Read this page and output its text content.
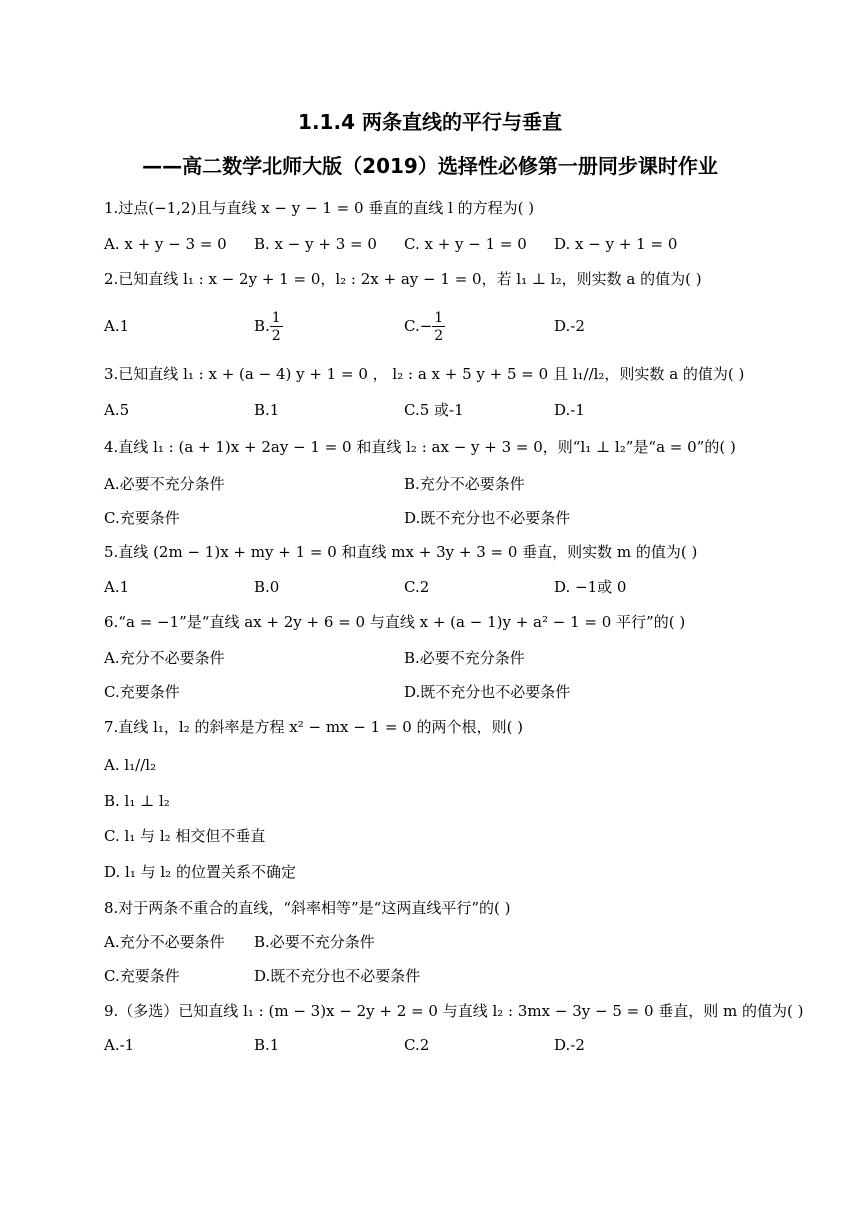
1.1.4 两条直线的平行与垂直
——高二数学北师大版（2019）选择性必修第一册同步课时作业
1.过点(−1,2)且与直线 x − y − 1 = 0 垂直的直线 l 的方程为( )
A. x + y − 3 = 0 B. x − y + 3 = 0 C. x + y − 1 = 0 D. x − y + 1 = 0
2.已知直线 l₁ : x − 2y + 1 = 0，l₂ : 2x + ay − 1 = 0，若 l₁ ⊥ l₂，则实数 a 的值为( )
A.1	B. $\frac{1}{2}$	$C.- \frac{1}{2}$	D.-2
3.已知直线 l₁ : x + (a − 4) y + 1 = 0 ， l₂ : a x + 5 y + 5 = 0 且 l₁//l₂，则实数 a 的值为( )
A.5	B.1	C.5 或-1	D.-1
4.直线 l₁ : (a + 1)x + 2ay − 1 = 0 和直线 l₂ : ax − y + 3 = 0，则“l₁ ⊥ l₂”是“a = 0”的( )
A.必要不充分条件	B.充分不必要条件
C.充要条件	D.既不充分也不必要条件
5.直线 (2m − 1)x + my + 1 = 0 和直线 mx + 3y + 3 = 0 垂直，则实数 m 的值为( )
A.1	B.0	C.2	D. −1或 0
6.“a = −1”是“直线 ax + 2y + 6 = 0 与直线 x + (a − 1)y + a² − 1 = 0 平行”的( )
A.充分不必要条件	B.必要不充分条件
C.充要条件	D.既不充分也不必要条件
7.直线 l₁，l₂ 的斜率是方程 x² − mx − 1 = 0 的两个根，则( )
A. l₁//l₂
B. l₁ ⊥ l₂
C. l₁ 与 l₂ 相交但不垂直
D. l₁ 与 l₂ 的位置关系不确定
8.对于两条不重合的直线，“斜率相等”是“这两直线平行”的( )
A.充分不必要条件 B.必要不充分条件
C.充要条件	D.既不充分也不必要条件
9.（多选）已知直线 l₁ : (m − 3)x − 2y + 2 = 0 与直线 l₂ : 3mx − 3y − 5 = 0 垂直，则 m 的值为( )
A.-1	B.1	C.2	D.-2
